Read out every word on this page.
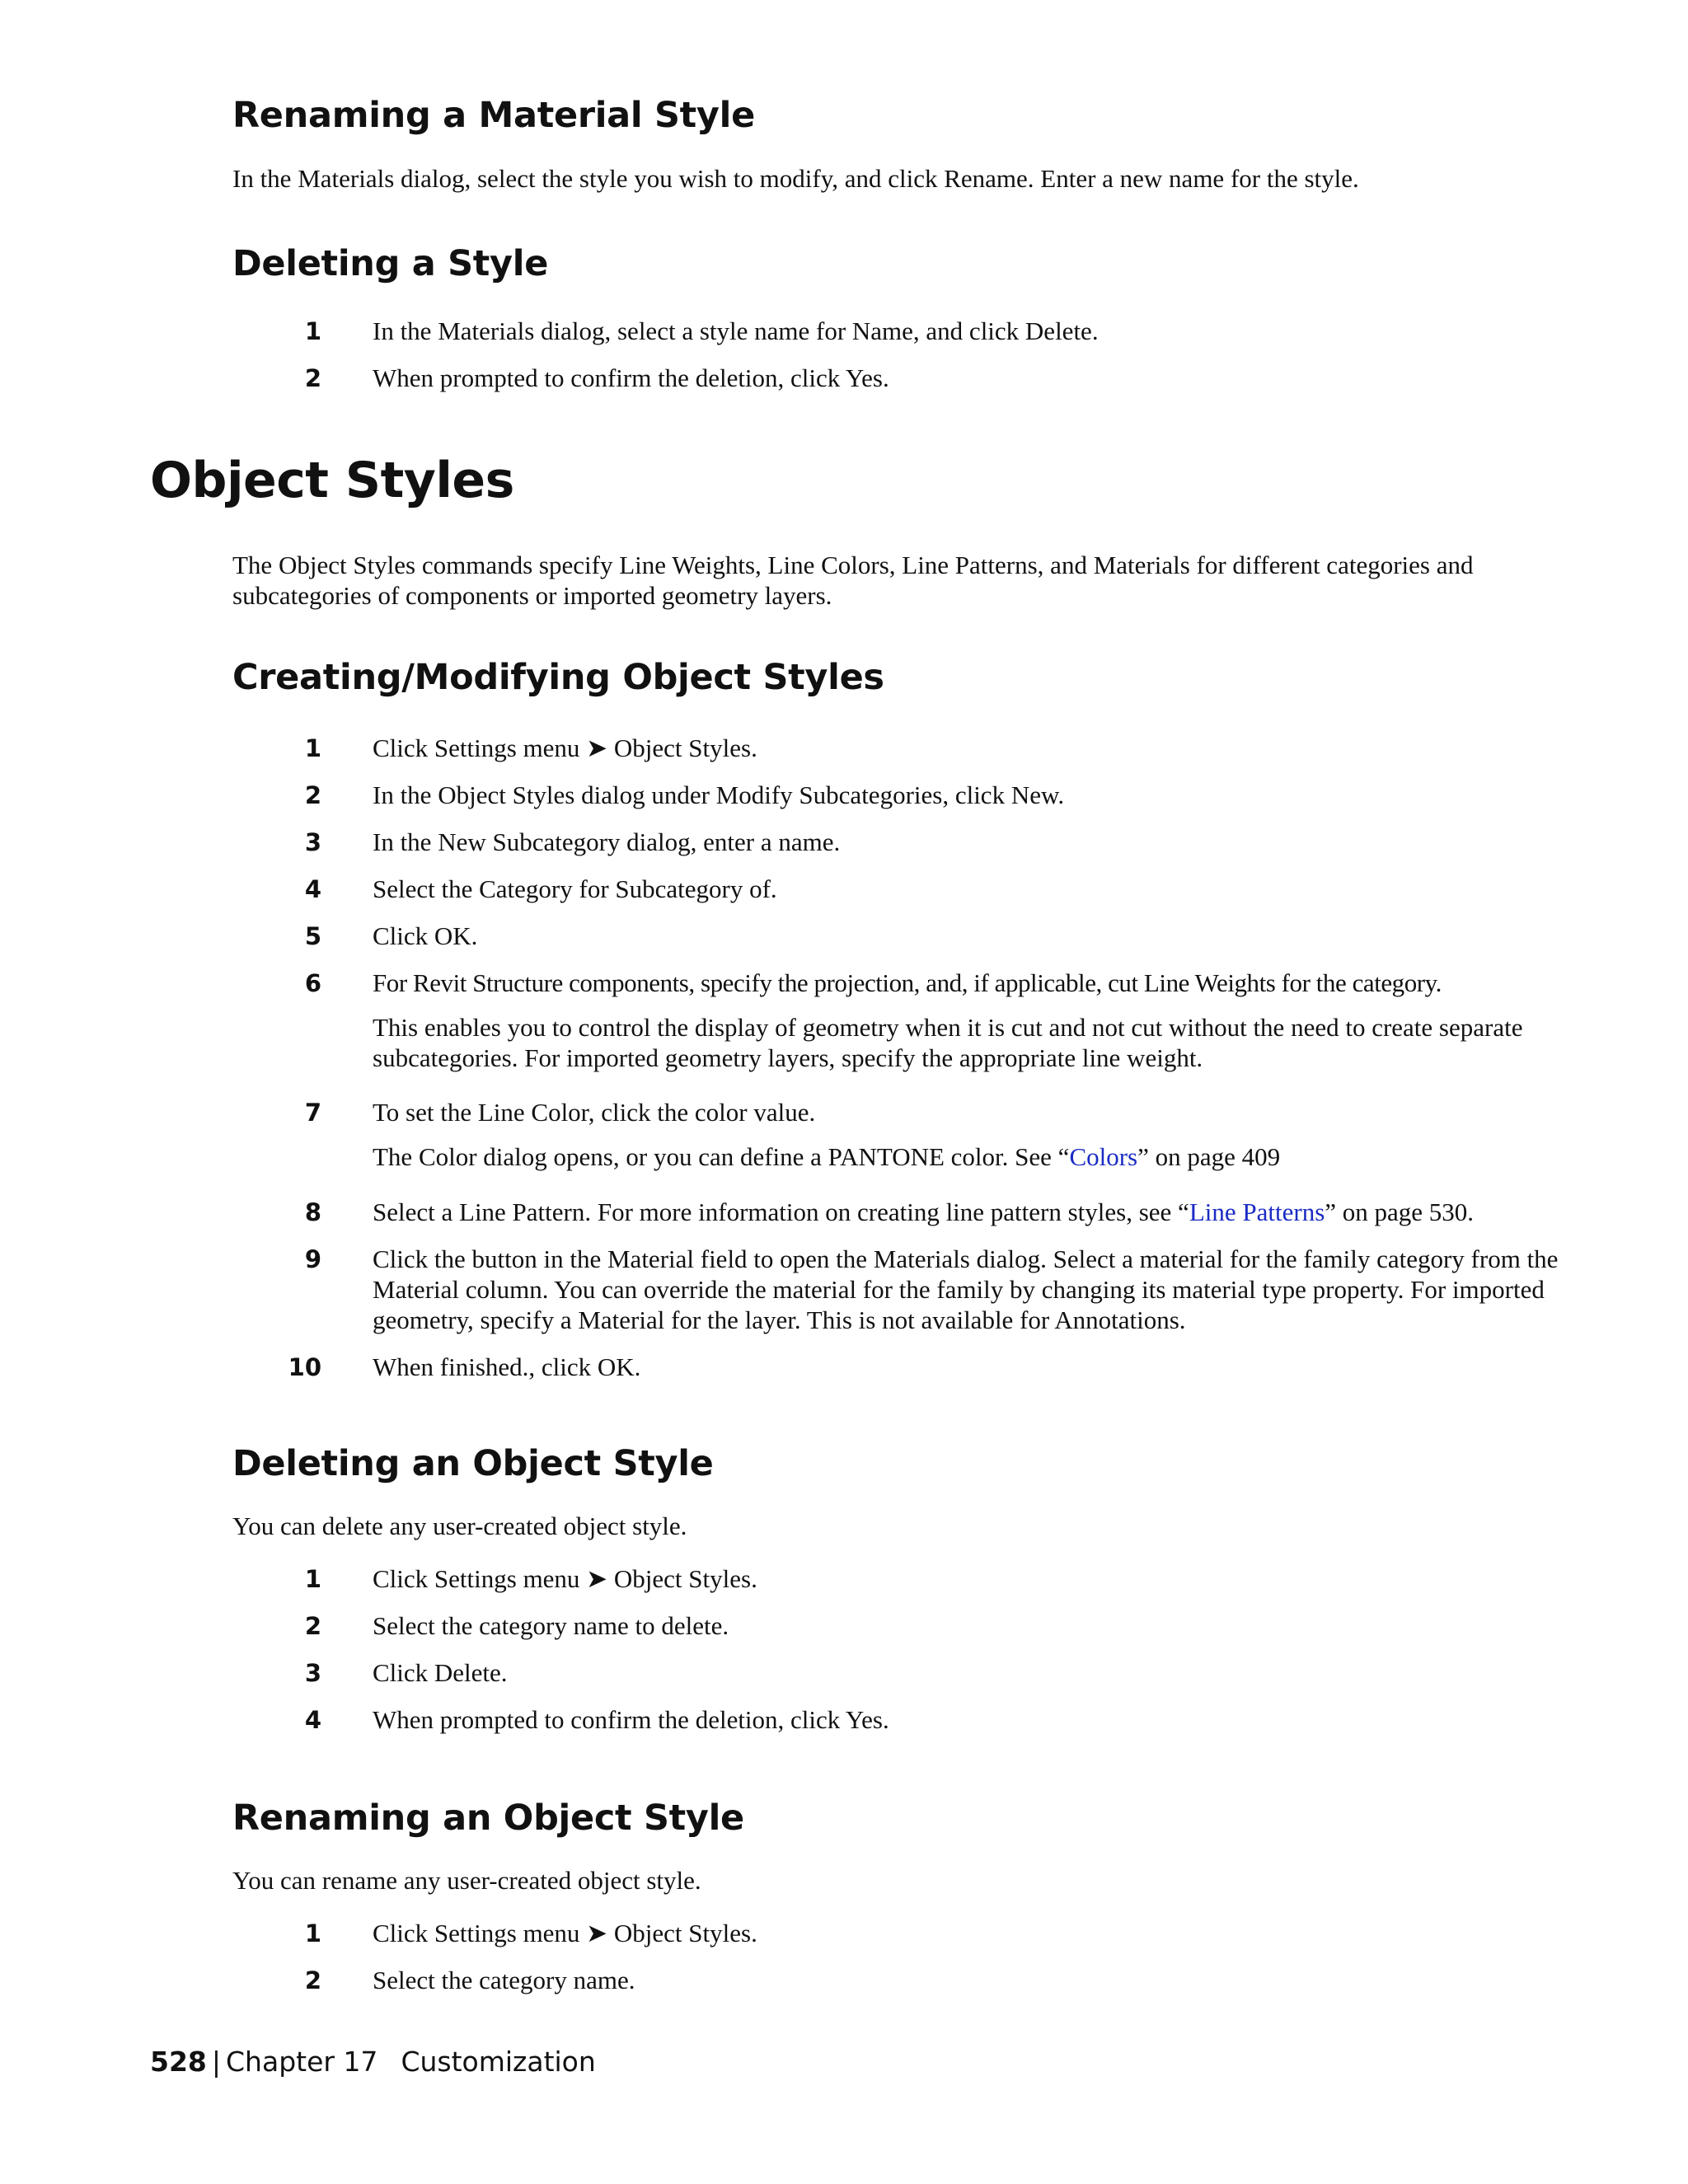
Renaming a Material Style

In the Materials dialog, select the style you wish to modify, and click Rename. Enter a new name for the style.

Deleting a Style
1 In the Materials dialog, select a style name for Name, and click Delete.
2 When prompted to confirm the deletion, click Yes.
Object Styles

The Object Styles commands specify Line Weights, Line Colors, Line Patterns, and Materials for different categories and subcategories of components or imported geometry layers.

Creating/Modifying Object Styles
1 Click Settings menu ➤ Object Styles.
2 In the Object Styles dialog under Modify Subcategories, click New.
3 In the New Subcategory dialog, enter a name.
4 Select the Category for Subcategory of.
5 Click OK.
6 For Revit Structure components, specify the projection, and, if applicable, cut Line Weights for the category.
This enables you to control the display of geometry when it is cut and not cut without the need to create separate subcategories. For imported geometry layers, specify the appropriate line weight.
7 To set the Line Color, click the color value.
The Color dialog opens, or you can define a PANTONE color. See “Colors” on page 409
8 Select a Line Pattern. For more information on creating line pattern styles, see “Line Patterns” on page 530.
9 Click the button in the Material field to open the Materials dialog. Select a material for the family category from the Material column. You can override the material for the family by changing its material type property. For imported geometry, specify a Material for the layer. This is not available for Annotations.
10 When finished., click OK.
Deleting an Object Style

You can delete any user-created object style.

1 Click Settings menu ➤ Object Styles.
2 Select the category name to delete.
3 Click Delete.
4 When prompted to confirm the deletion, click Yes.
Renaming an Object Style

You can rename any user-created object style.

1 Click Settings menu ➤ Object Styles.
2 Select the category name.
528 | Chapter 17 Customization
